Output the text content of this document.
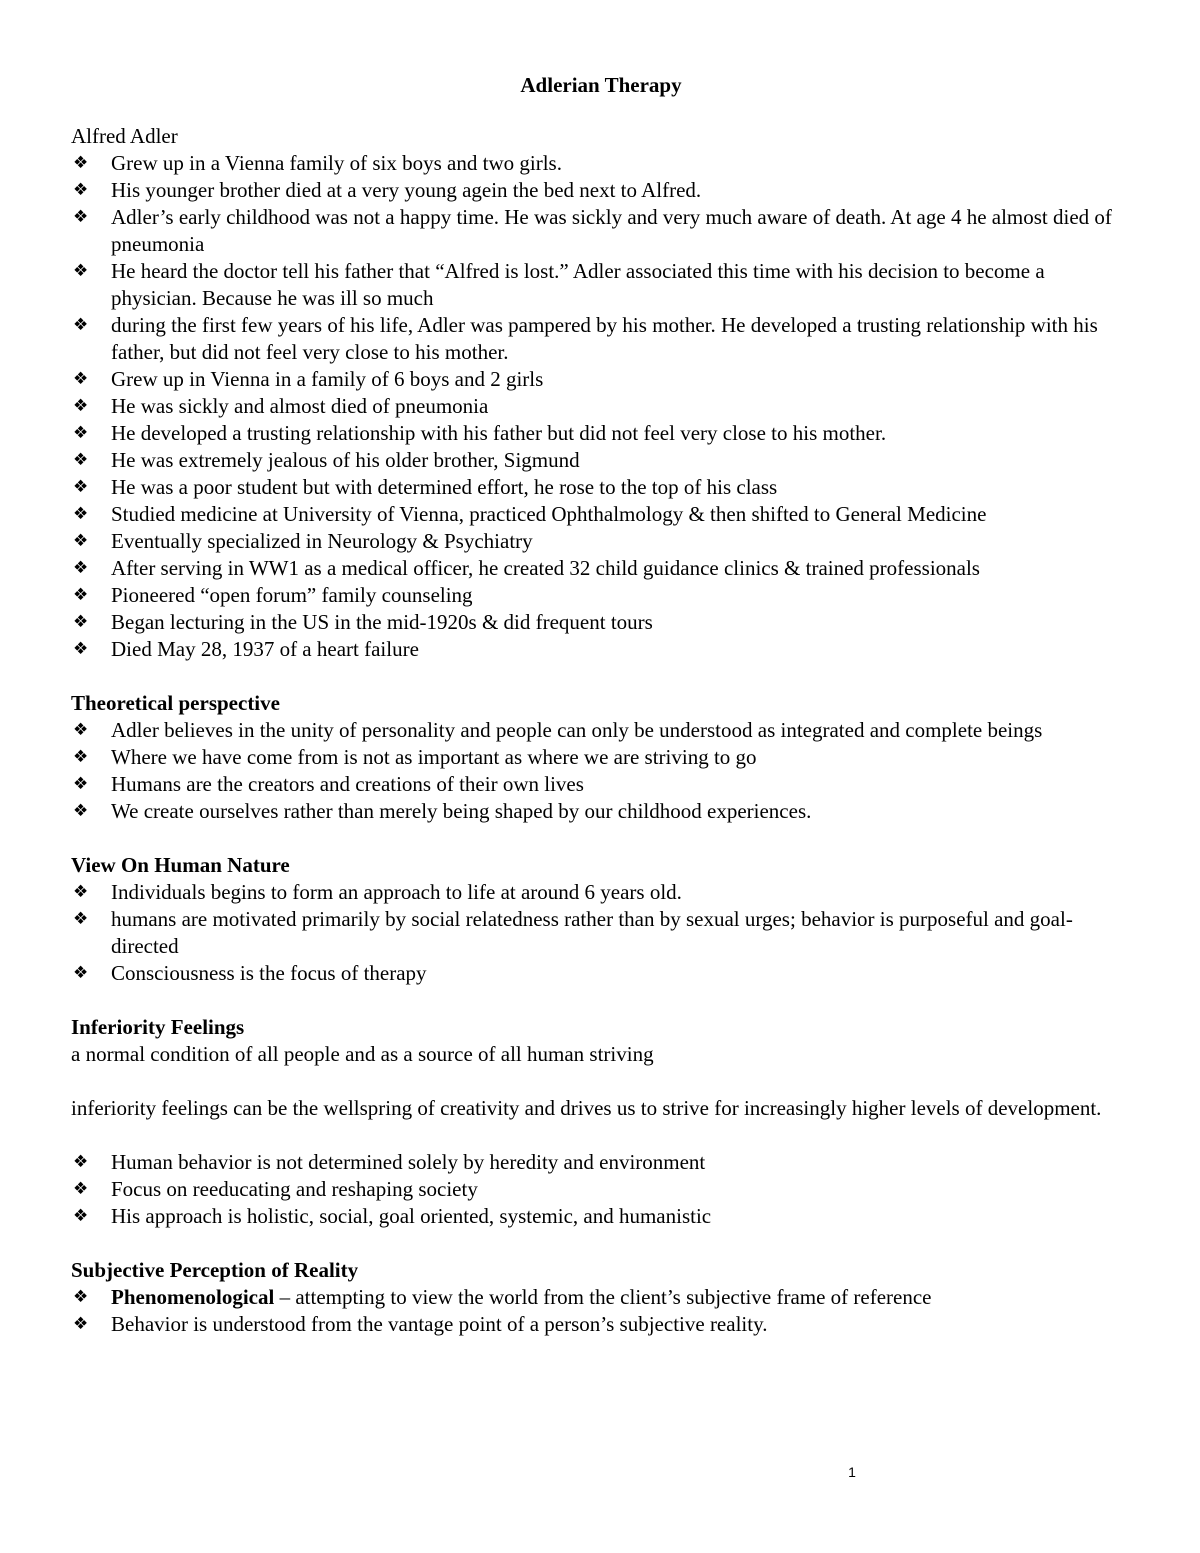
Adlerian Therapy

Alfred Adler

❖ Grew up in a Vienna family of six boys and two girls.
❖ His younger brother died at a very young agein the bed next to Alfred.
❖ Adler’s early childhood was not a happy time. He was sickly and very much aware of death. At age 4 he almost died of pneumonia
❖ He heard the doctor tell his father that “Alfred is lost.” Adler associated this time with his decision to become a physician. Because he was ill so much
❖ during the first few years of his life, Adler was pampered by his mother. He developed a trusting relationship with his father, but did not feel very close to his mother.
❖ Grew up in Vienna in a family of 6 boys and 2 girls
❖ He was sickly and almost died of pneumonia
❖ He developed a trusting relationship with his father but did not feel very close to his mother.
❖ He was extremely jealous of his older brother, Sigmund
❖ He was a poor student but with determined effort, he rose to the top of his class
❖ Studied medicine at University of Vienna, practiced Ophthalmology & then shifted to General Medicine
❖ Eventually specialized in Neurology & Psychiatry
❖ After serving in WW1 as a medical officer, he created 32 child guidance clinics & trained professionals
❖ Pioneered “open forum” family counseling
❖ Began lecturing in the US in the mid-1920s & did frequent tours
❖ Died May 28, 1937 of a heart failure

Theoretical perspective

❖ Adler believes in the unity of personality and people can only be understood as integrated and complete beings
❖ Where we have come from is not as important as where we are striving to go
❖ Humans are the creators and creations of their own lives
❖ We create ourselves rather than merely being shaped by our childhood experiences.

View On Human Nature

❖ Individuals begins to form an approach to life at around 6 years old.
❖ humans are motivated primarily by social relatedness rather than by sexual urges; behavior is purposeful and goal-directed
❖ Consciousness is the focus of therapy

Inferiority Feelings

a normal condition of all people and as a source of all human striving

inferiority feelings can be the wellspring of creativity and drives us to strive for increasingly higher levels of development.

❖ Human behavior is not determined solely by heredity and environment
❖ Focus on reeducating and reshaping society
❖ His approach is holistic, social, goal oriented, systemic, and humanistic

Subjective Perception of Reality

❖ Phenomenological – attempting to view the world from the client’s subjective frame of reference
❖ Behavior is understood from the vantage point of a person’s subjective reality.
1
